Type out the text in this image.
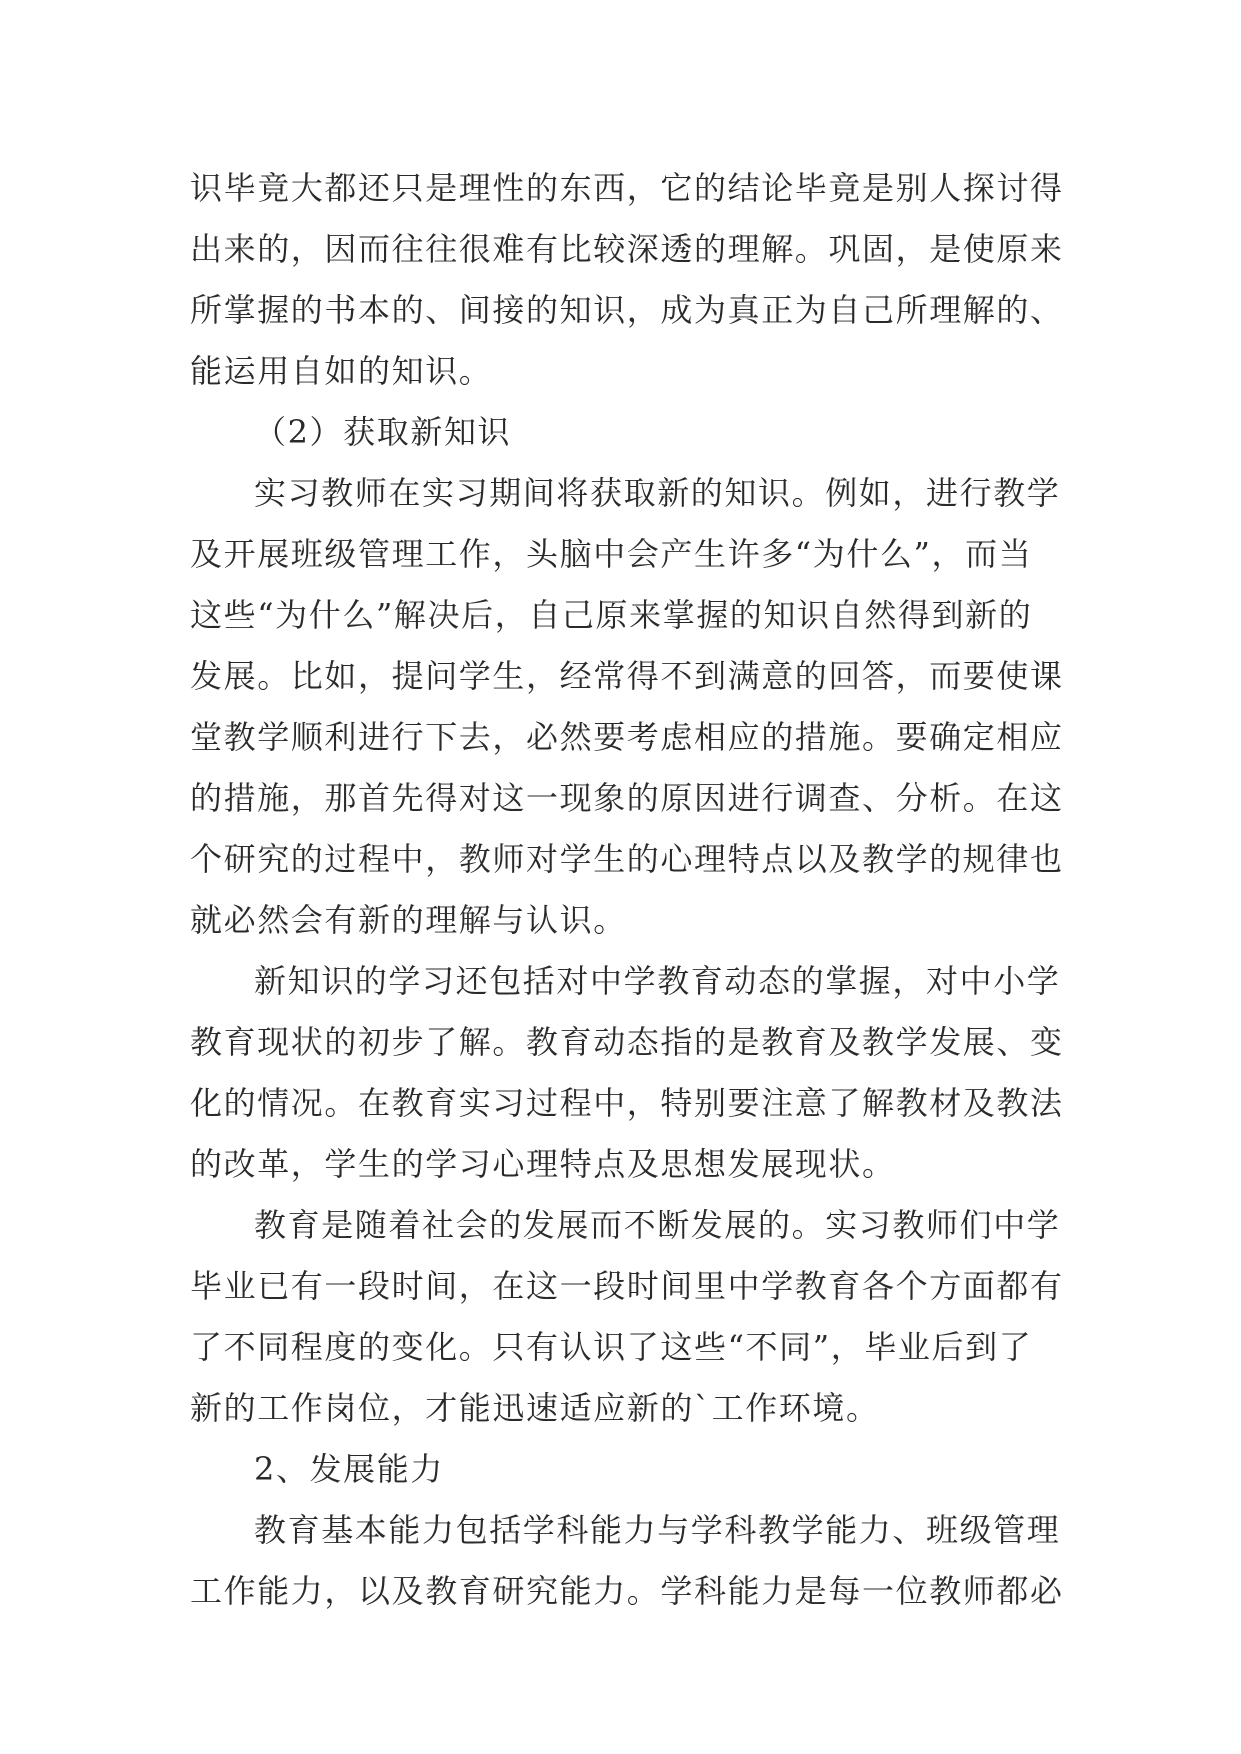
识毕竟大都还只是理性的东西，它的结论毕竟是别人探讨得
出来的，因而往往很难有比较深透的理解。巩固，是使原来
所掌握的书本的、间接的知识，成为真正为自己所理解的、
能运用自如的知识。
（2）获取新知识
实习教师在实习期间将获取新的知识。例如，进行教学
及开展班级管理工作，头脑中会产生许多“为什么”，而当
这些“为什么”解决后，自己原来掌握的知识自然得到新的
发展。比如，提问学生，经常得不到满意的回答，而要使课
堂教学顺利进行下去，必然要考虑相应的措施。要确定相应
的措施，那首先得对这一现象的原因进行调查、分析。在这
个研究的过程中，教师对学生的心理特点以及教学的规律也
就必然会有新的理解与认识。
新知识的学习还包括对中学教育动态的掌握，对中小学
教育现状的初步了解。教育动态指的是教育及教学发展、变
化的情况。在教育实习过程中，特别要注意了解教材及教法
的改革，学生的学习心理特点及思想发展现状。
教育是随着社会的发展而不断发展的。实习教师们中学
毕业已有一段时间，在这一段时间里中学教育各个方面都有
了不同程度的变化。只有认识了这些“不同”，毕业后到了
新的工作岗位，才能迅速适应新的`工作环境。
2、发展能力
教育基本能力包括学科能力与学科教学能力、班级管理
工作能力，以及教育研究能力。学科能力是每一位教师都必
